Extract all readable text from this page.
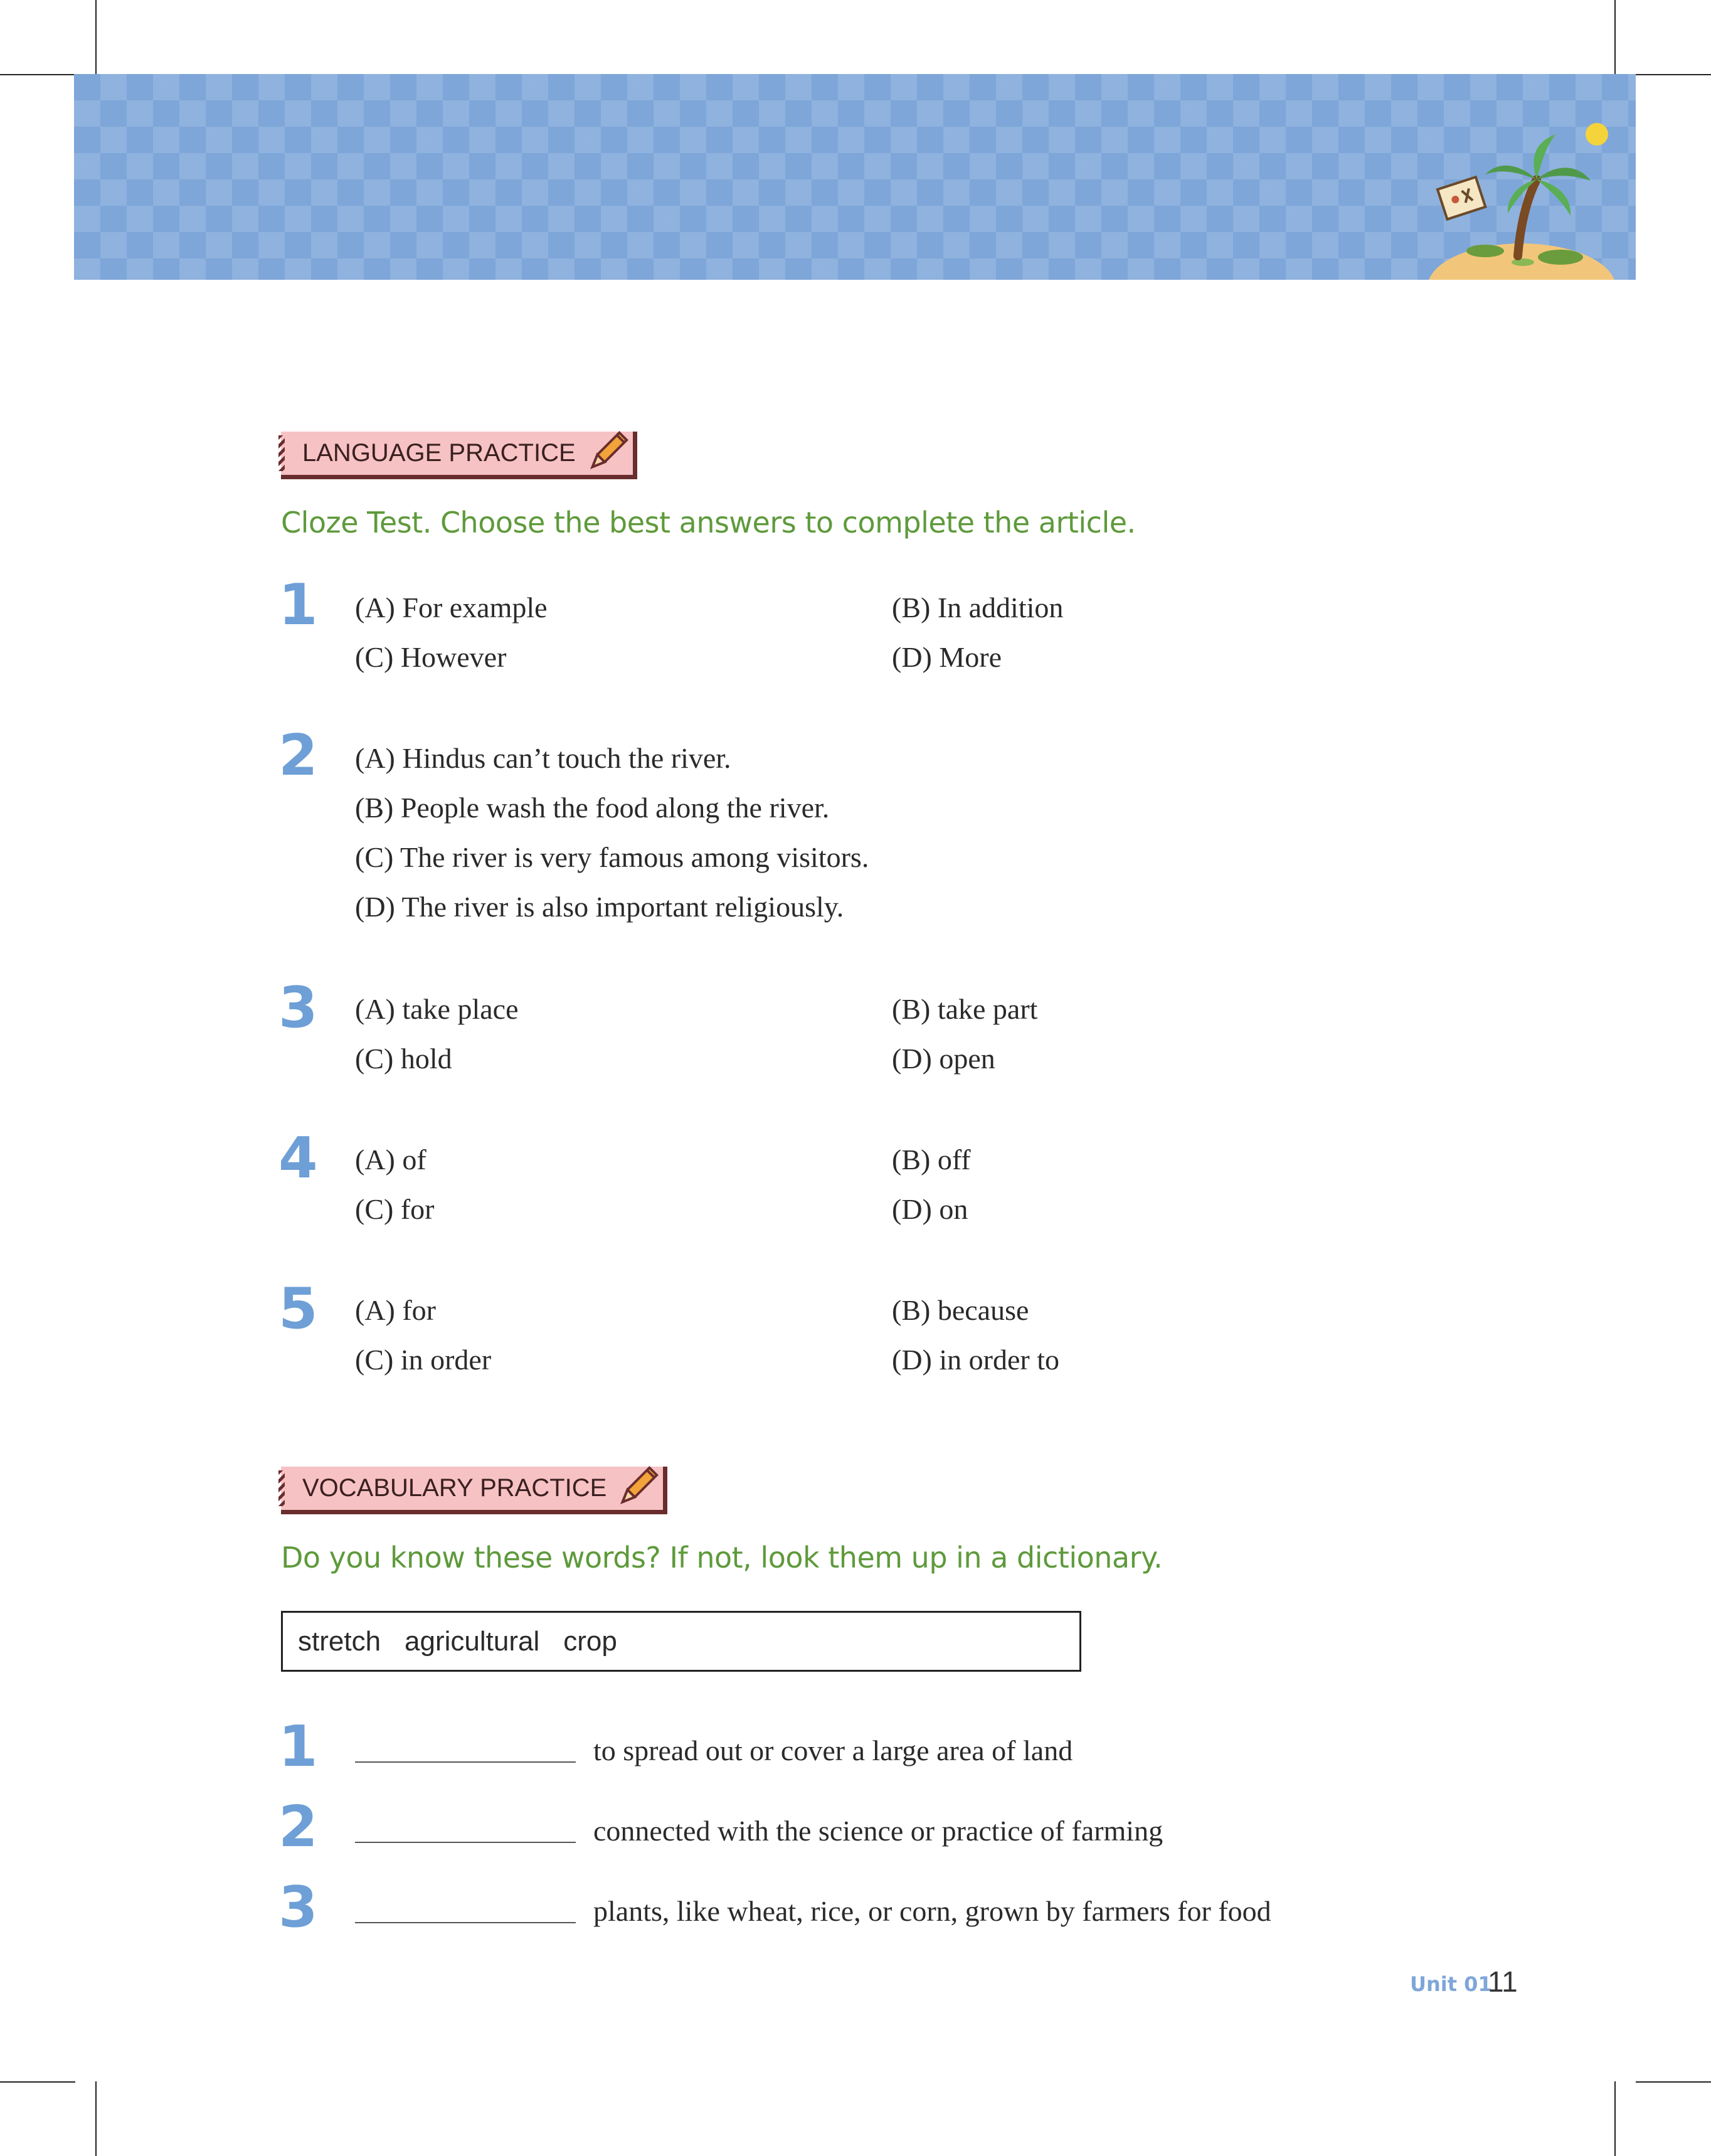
LANGUAGE PRACTICE
Cloze Test. Choose the best answers to complete the article.
1 (A) For example	(B) In addition
(C) However	(D) More
2 (A) Hindus can’t touch the river.
(B) People wash the food along the river.
(C) The river is very famous among visitors.
(D) The river is also important religiously.
3 (A) take place	(B) take part
(C) hold	(D) open
4 (A) of	(B) off
(C) for	(D) on
5 (A) for	(B) because
(C) in order	(D) in order to
VOCABULARY PRACTICE
Do you know these words? If not, look them up in a dictionary.
stretch agricultural crop
1	to spread out or cover a large area of land
2	connected with the science or practice of farming
3	plants, like wheat, rice, or corn, grown by farmers for food
Unit 01
11
